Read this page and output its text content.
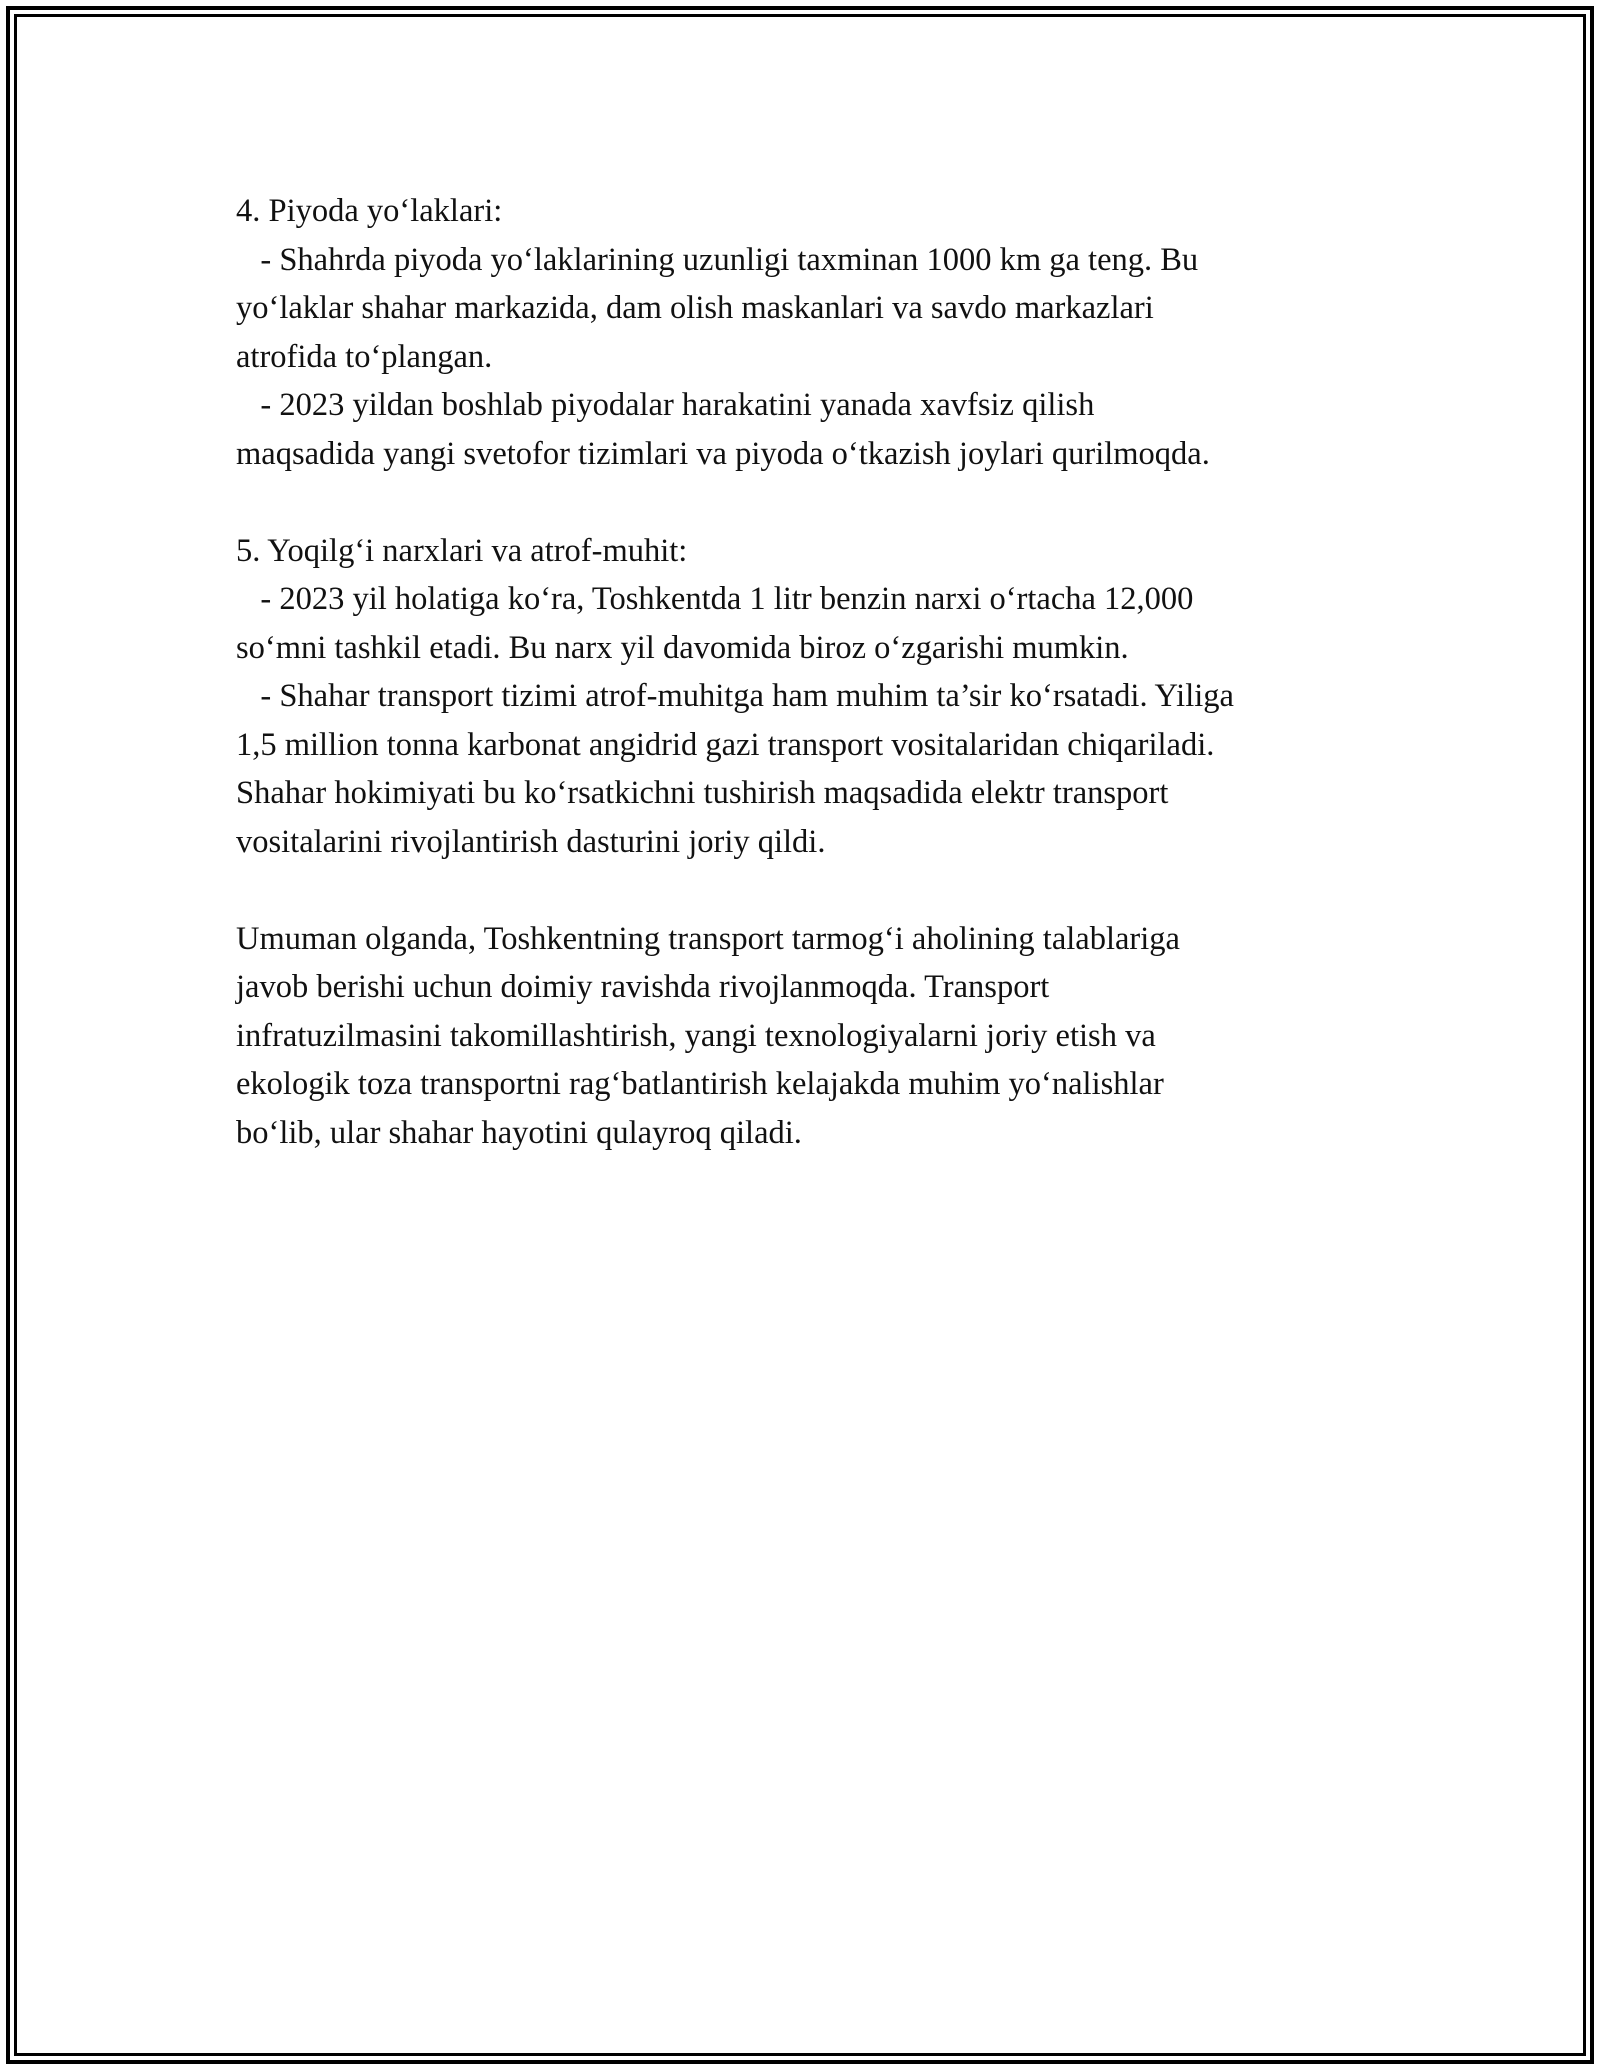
4. Piyoda yo‘laklari:
- Shahrda piyoda yo‘laklarining uzunligi taxminan 1000 km ga teng. Bu
yo‘laklar shahar markazida, dam olish maskanlari va savdo markazlari
atrofida to‘plangan.
- 2023 yildan boshlab piyodalar harakatini yanada xavfsiz qilish
maqsadida yangi svetofor tizimlari va piyoda o‘tkazish joylari qurilmoqda.
5. Yoqilg‘i narxlari va atrof-muhit:
- 2023 yil holatiga ko‘ra, Toshkentda 1 litr benzin narxi o‘rtacha 12,000
so‘mni tashkil etadi. Bu narx yil davomida biroz o‘zgarishi mumkin.
- Shahar transport tizimi atrof-muhitga ham muhim ta’sir ko‘rsatadi. Yiliga
1,5 million tonna karbonat angidrid gazi transport vositalaridan chiqariladi.
Shahar hokimiyati bu ko‘rsatkichni tushirish maqsadida elektr transport
vositalarini rivojlantirish dasturini joriy qildi.
Umuman olganda, Toshkentning transport tarmog‘i aholining talablariga
javob berishi uchun doimiy ravishda rivojlanmoqda. Transport
infratuzilmasini takomillashtirish, yangi texnologiyalarni joriy etish va
ekologik toza transportni rag‘batlantirish kelajakda muhim yo‘nalishlar
bo‘lib, ular shahar hayotini qulayroq qiladi.
